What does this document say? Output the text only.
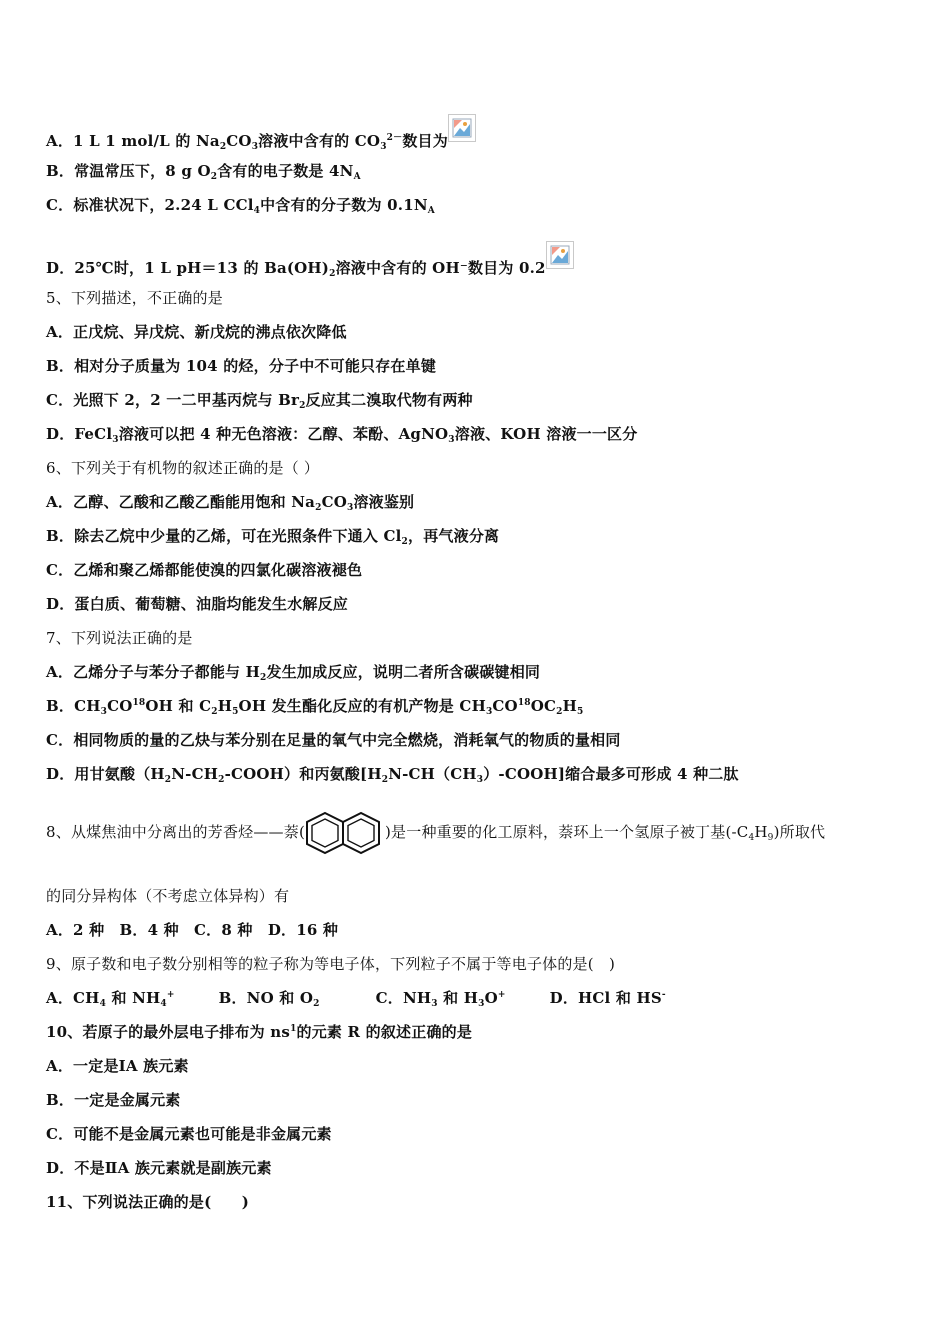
A．1 L 1 mol/L 的 $Na_2CO_3$溶液中含有的 $CO_3^{2-}$数目为
B．常温常压下，8 g $O_2$含有的电子数是 $4N_A$
C．标准状况下，2.24 L CCl$_4$中含有的分子数为 $0.1N_A$
D．25℃时，1 L pH＝13 的 $Ba(OH)_2$溶液中含有的 OH⁻数目为 0.2
5、下列描述，不正确的是
A．正戊烷、异戊烷、新戊烷的沸点依次降低
B．相对分子质量为 104 的烃，分子中不可能只存在单键
C．光照下 2，2 一二甲基丙烷与 $Br_2$反应其二溴取代物有两种
D．FeCl$_3$溶液可以把 4 种无色溶液：乙醇、苯酚、AgNO$_3$溶液、KOH 溶液一一区分
6、下列关于有机物的叙述正确的是（ ）
A．乙醇、乙酸和乙酸乙酯能用饱和 $Na_2CO_3$溶液鉴别
B．除去乙烷中少量的乙烯，可在光照条件下通入 $Cl_2$，再气液分离
C．乙烯和聚乙烯都能使溴的四氯化碳溶液褪色
D．蛋白质、葡萄糖、油脂均能发生水解反应
7、下列说法正确的是
A．乙烯分子与苯分子都能与 $H_2$发生加成反应，说明二者所含碳碳键相同
B．$CH_3CO^{18}OH$ 和 $C_2H_5OH$ 发生酯化反应的有机产物是 $CH_3CO^{18}OC_2H_5$
C．相同物质的量的乙炔与苯分别在足量的氧气中完全燃烧，消耗氧气的物质的量相同
D．用甘氨酸$(H_2N-CH_2-COOH)$和丙氨酸$[H_2N-CH(CH_3)-COOH]$缩合最多可形成 4 种二肽
8、从煤焦油中分离出的芳香烃——萘(	)是一种重要的化工原料，萘环上一个氢原子被丁基$(-C_4H_9)$所取代
的同分异构体（不考虑立体异构）有
A．2 种　B．4 种　C．8 种　D．16 种
9、原子数和电子数分别相等的粒子称为等电子体，下列粒子不属于等电子体的是(　)
A．$CH_4$ 和 $NH_4^+$	B．NO 和 $O_2$	C．$NH_3$ 和 $H_3O^+$	D．HCl 和 HS-
10、若原子的最外层电子排布为 $ns^1$的元素 R 的叙述正确的是
A．一定是ⅠA 族元素
B．一定是金属元素
C．可能不是金属元素也可能是非金属元素
D．不是ⅡA 族元素就是副族元素
11、下列说法正确的是(　　)
